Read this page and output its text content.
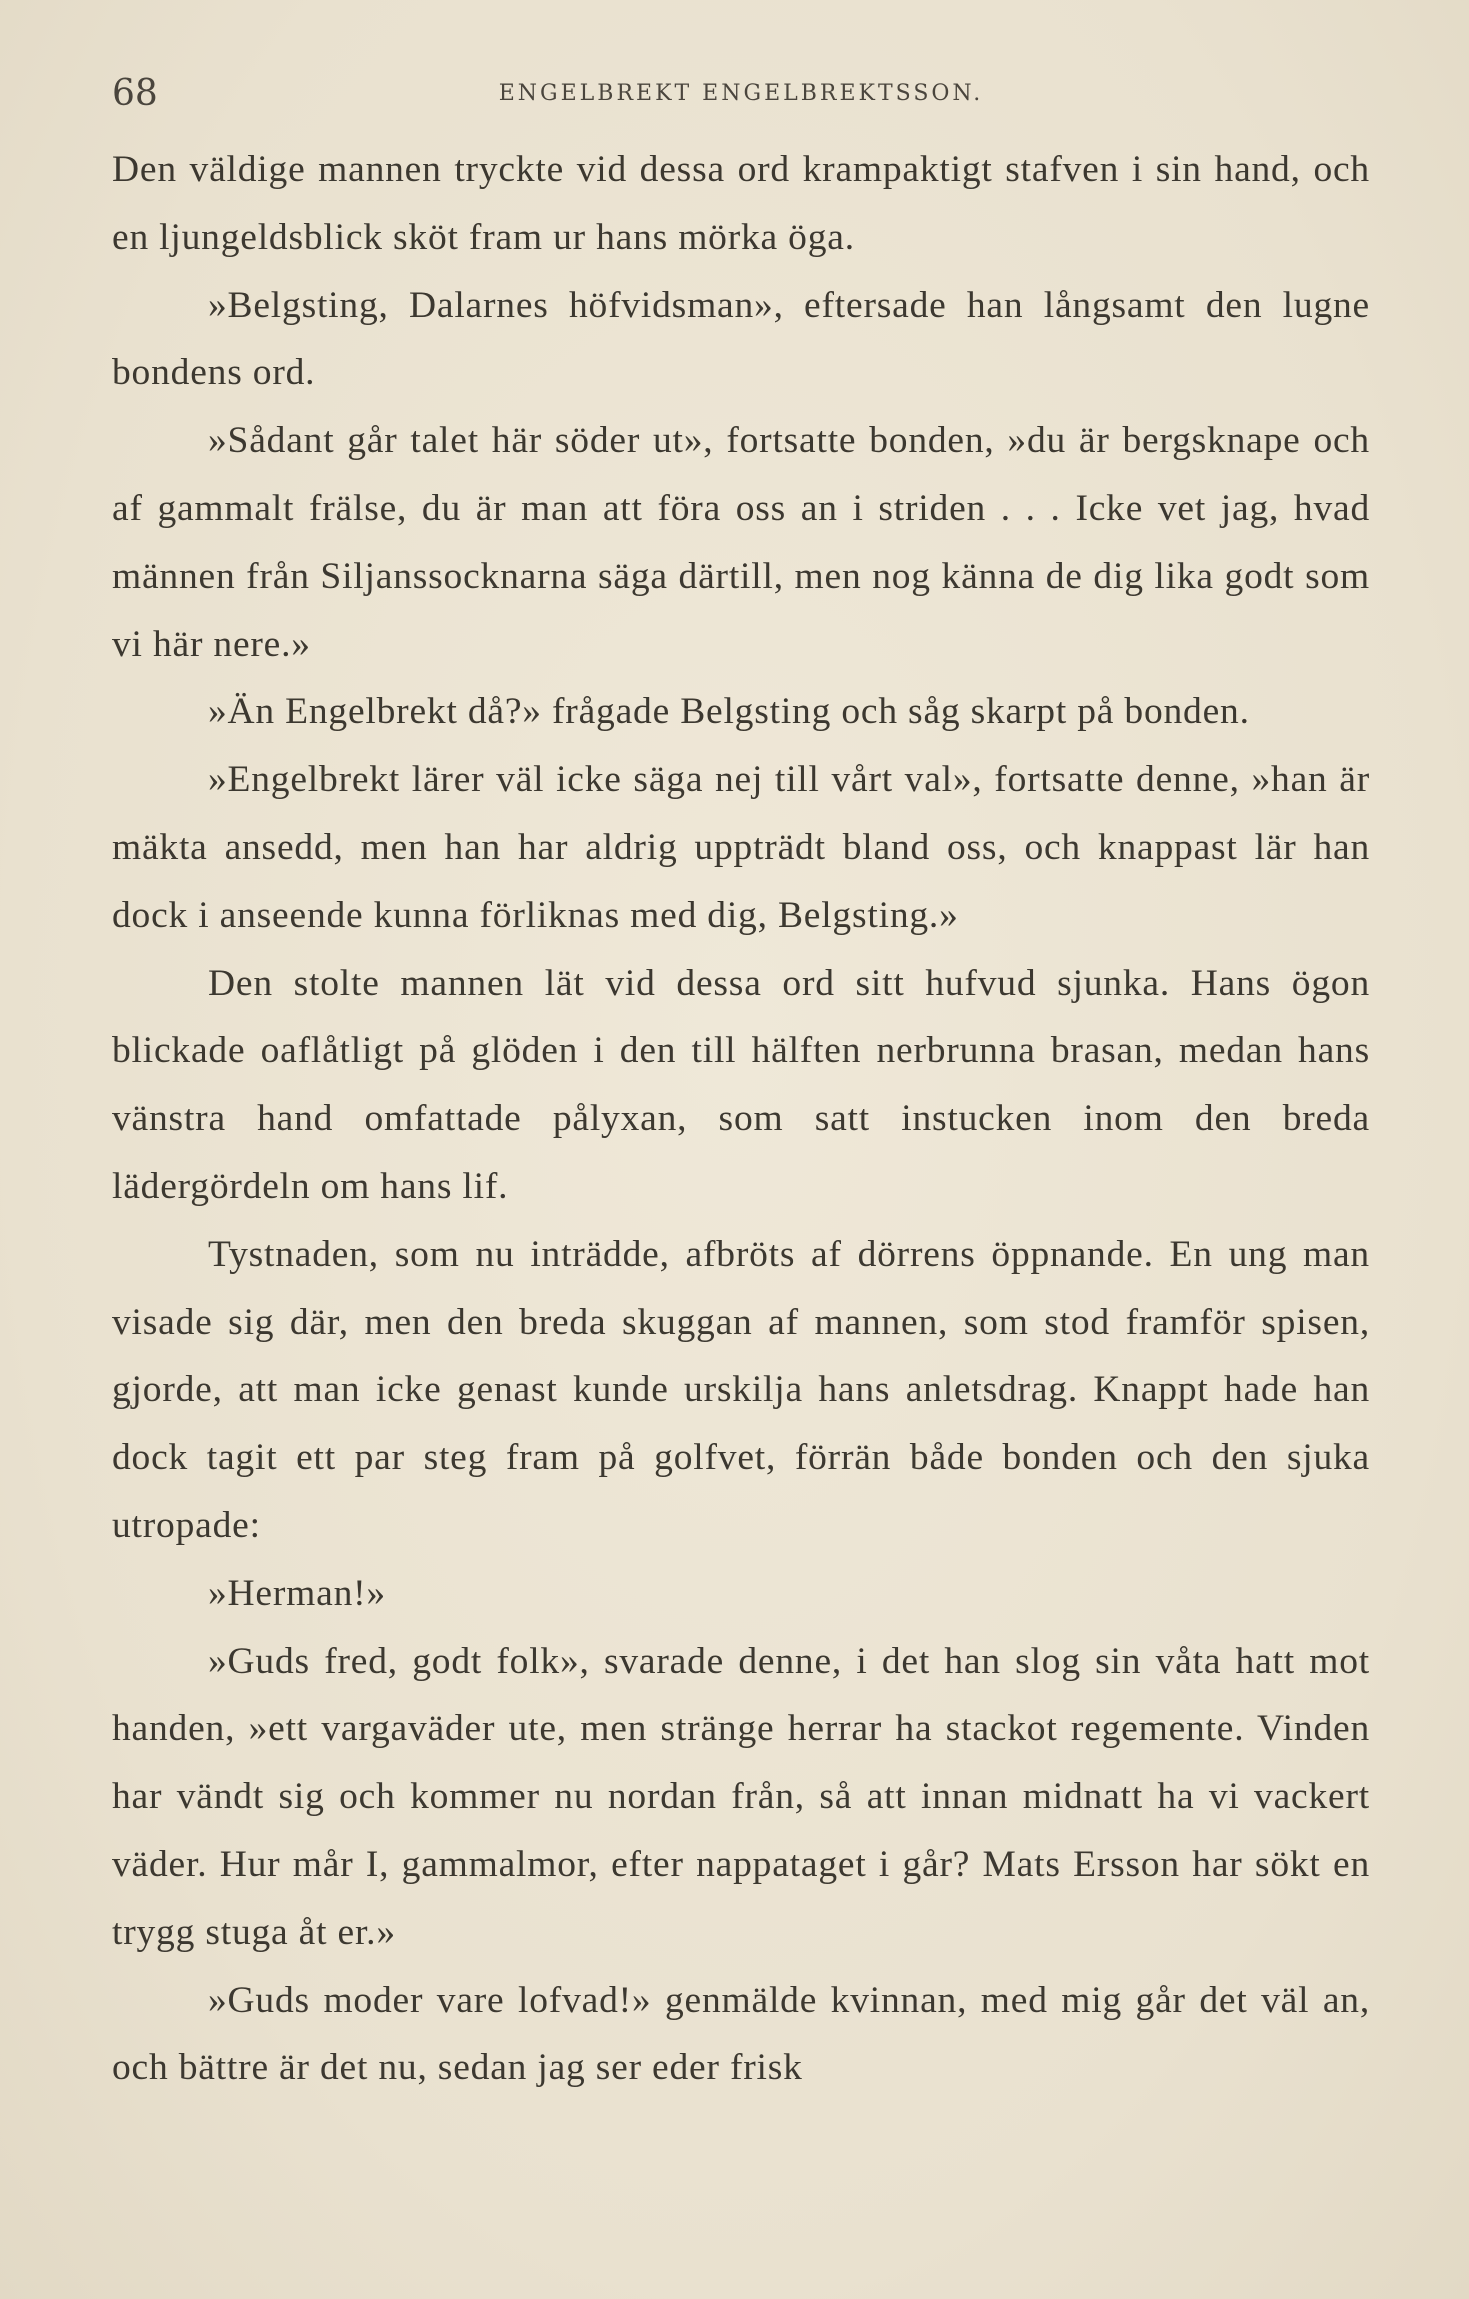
68	ENGELBREKT ENGELBREKTSSON.

Den väldige mannen tryckte vid dessa ord krampaktigt stafven i sin hand, och en ljungeldsblick sköt fram ur hans mörka öga.

»Belgsting, Dalarnes höfvidsman», eftersade han långsamt den lugne bondens ord.

»Sådant går talet här söder ut», fortsatte bonden, »du är bergsknape och af gammalt frälse, du är man att föra oss an i striden . . . Icke vet jag, hvad männen från Siljanssocknarna säga därtill, men nog känna de dig lika godt som vi här nere.»

»Än Engelbrekt då?» frågade Belgsting och såg skarpt på bonden.

»Engelbrekt lärer väl icke säga nej till vårt val», fortsatte denne, »han är mäkta ansedd, men han har aldrig uppträdt bland oss, och knappast lär han dock i anseende kunna förliknas med dig, Belgsting.»

Den stolte mannen lät vid dessa ord sitt hufvud sjunka. Hans ögon blickade oaflåtligt på glöden i den till hälften nerbrunna brasan, medan hans vänstra hand omfattade pålyxan, som satt instucken inom den breda lädergördeln om hans lif.

Tystnaden, som nu inträdde, afbröts af dörrens öppnande. En ung man visade sig där, men den breda skuggan af mannen, som stod framför spisen, gjorde, att man icke genast kunde urskilja hans anletsdrag. Knappt hade han dock tagit ett par steg fram på golfvet, förrän både bonden och den sjuka utropade:

»Herman!»

»Guds fred, godt folk», svarade denne, i det han slog sin våta hatt mot handen, »ett vargaväder ute, men stränge herrar ha stackot regemente. Vinden har vändt sig och kommer nu nordan från, så att innan midnatt ha vi vackert väder. Hur mår I, gammalmor, efter nappataget i går? Mats Ersson har sökt en trygg stuga åt er.»

»Guds moder vare lofvad!» genmälde kvinnan, med mig går det väl an, och bättre är det nu, sedan jag ser eder frisk
